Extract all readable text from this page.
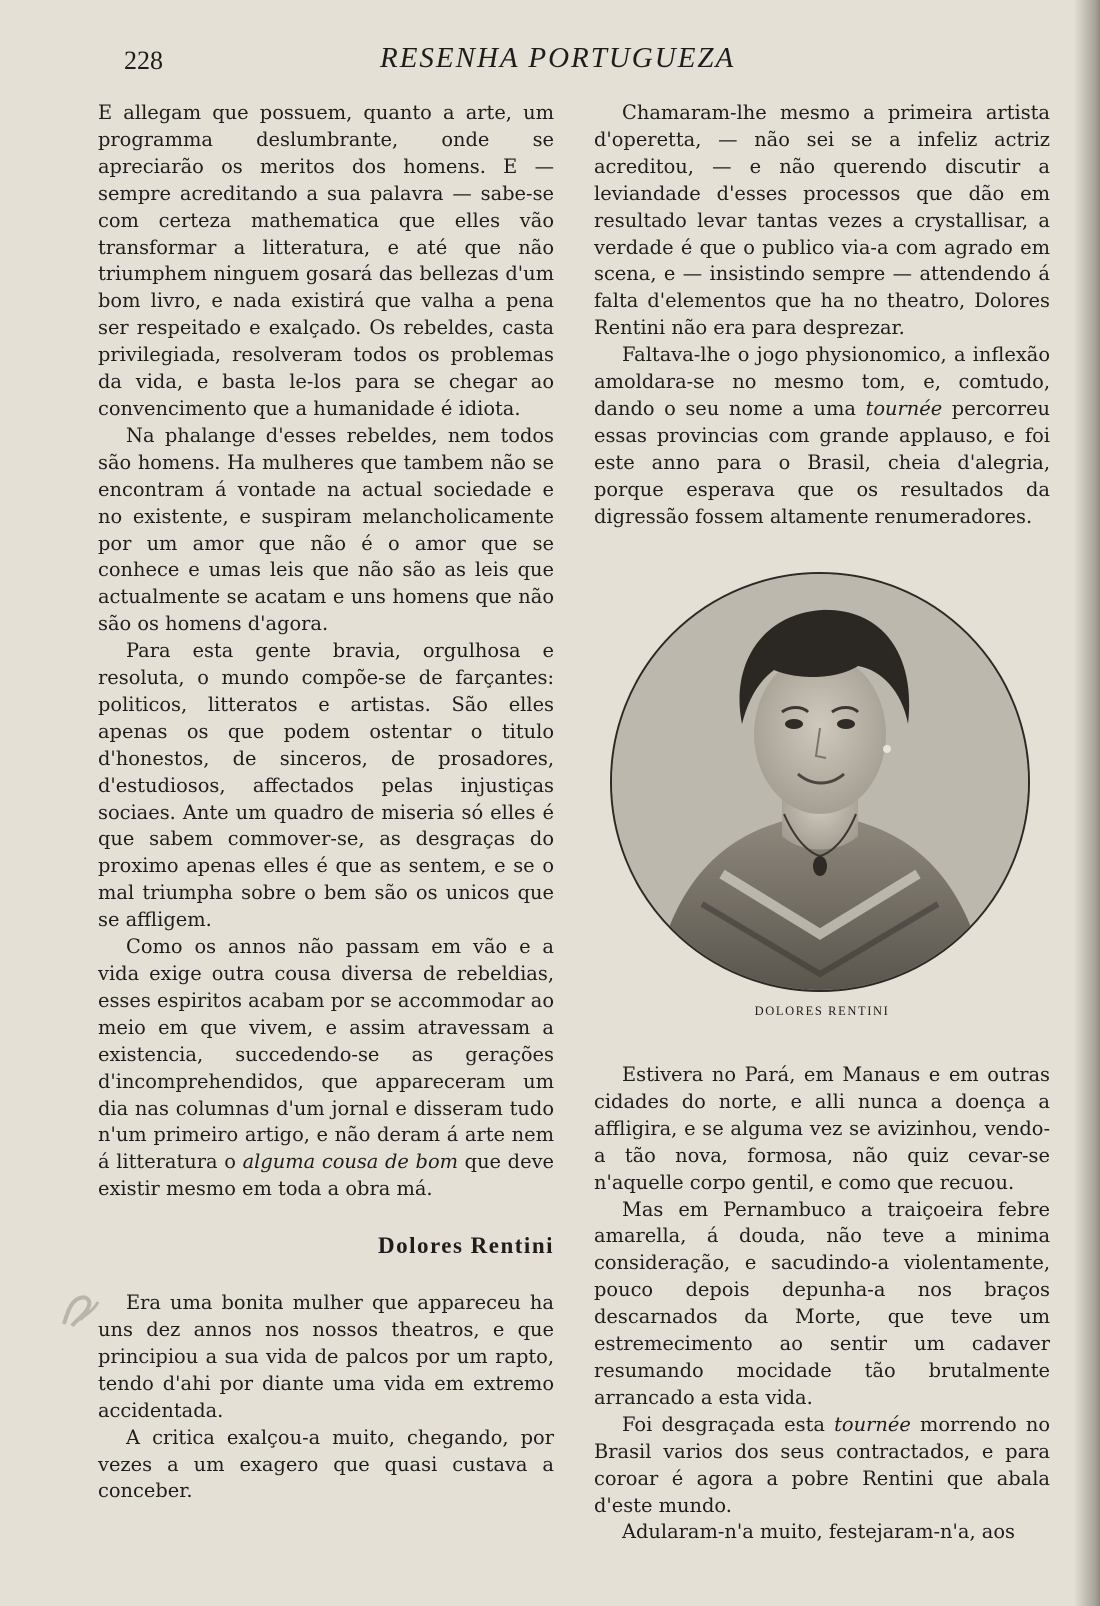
228	RESENHA PORTUGUEZA

E allegam que possuem, quanto a arte, um programma deslumbrante, onde se apreciarão os meritos dos homens. E — sempre acreditando a sua palavra — sabe-se com certeza mathematica que elles vão transformar a litteratura, e até que não triumphem ninguem gosará das bellezas d'um bom livro, e nada existirá que valha a pena ser respeitado e exalçado. Os rebeldes, casta privilegiada, resolveram todos os problemas da vida, e basta le-los para se chegar ao convencimento que a humanidade é idiota.

Na phalange d'esses rebeldes, nem todos são homens. Ha mulheres que tambem não se encontram á vontade na actual sociedade e no existente, e suspiram melancholicamente por um amor que não é o amor que se conhece e umas leis que não são as leis que actualmente se acatam e uns homens que não são os homens d'agora.

Para esta gente bravia, orgulhosa e resoluta, o mundo compõe-se de farçantes: politicos, litteratos e artistas. São elles apenas os que podem ostentar o titulo d'honestos, de sinceros, de prosadores, d'estudiosos, affectados pelas injustiças sociaes. Ante um quadro de miseria só elles é que sabem commover-se, as desgraças do proximo apenas elles é que as sentem, e se o mal triumpha sobre o bem são os unicos que se affligem.

Como os annos não passam em vão e a vida exige outra cousa diversa de rebeldias, esses espiritos acabam por se accommodar ao meio em que vivem, e assim atravessam a existencia, succedendo-se as gerações d'incomprehendidos, que appareceram um dia nas columnas d'um jornal e disseram tudo n'um primeiro artigo, e não deram á arte nem á litteratura o alguma cousa de bom que deve existir mesmo em toda a obra má.

Dolores Rentini

Era uma bonita mulher que appareceu ha uns dez annos nos nossos theatros, e que principiou a sua vida de palcos por um rapto, tendo d'ahi por diante uma vida em extremo accidentada.

A critica exalçou-a muito, chegando, por vezes a um exagero que quasi custava a conceber.

Chamaram-lhe mesmo a primeira artista d'operetta, — não sei se a infeliz actriz acreditou, — e não querendo discutir a leviandade d'esses processos que dão em resultado levar tantas vezes a crystallisar, a verdade é que o publico via-a com agrado em scena, e — insistindo sempre — attendendo á falta d'elementos que ha no theatro, Dolores Rentini não era para desprezar.

Faltava-lhe o jogo physionomico, a inflexão amoldara-se no mesmo tom, e, comtudo, dando o seu nome a uma tournée percorreu essas provincias com grande applauso, e foi este anno para o Brasil, cheia d'alegria, porque esperava que os resultados da digressão fossem altamente renumeradores.

DOLORES RENTINI

Estivera no Pará, em Manaus e em outras cidades do norte, e alli nunca a doença a affligira, e se alguma vez se avizinhou, vendo-a tão nova, formosa, não quiz cevar-se n'aquelle corpo gentil, e como que recuou.

Mas em Pernambuco a traiçoeira febre amarella, á douda, não teve a minima consideração, e sacudindo-a violentamente, pouco depois depunha-a nos braços descarnados da Morte, que teve um estremecimento ao sentir um cadaver resumando mocidade tão brutalmente arrancado a esta vida.

Foi desgraçada esta tournée morrendo no Brasil varios dos seus contractados, e para coroar é agora a pobre Rentini que abala d'este mundo.

Adularam-n'a muito, festejaram-n'a, aos
